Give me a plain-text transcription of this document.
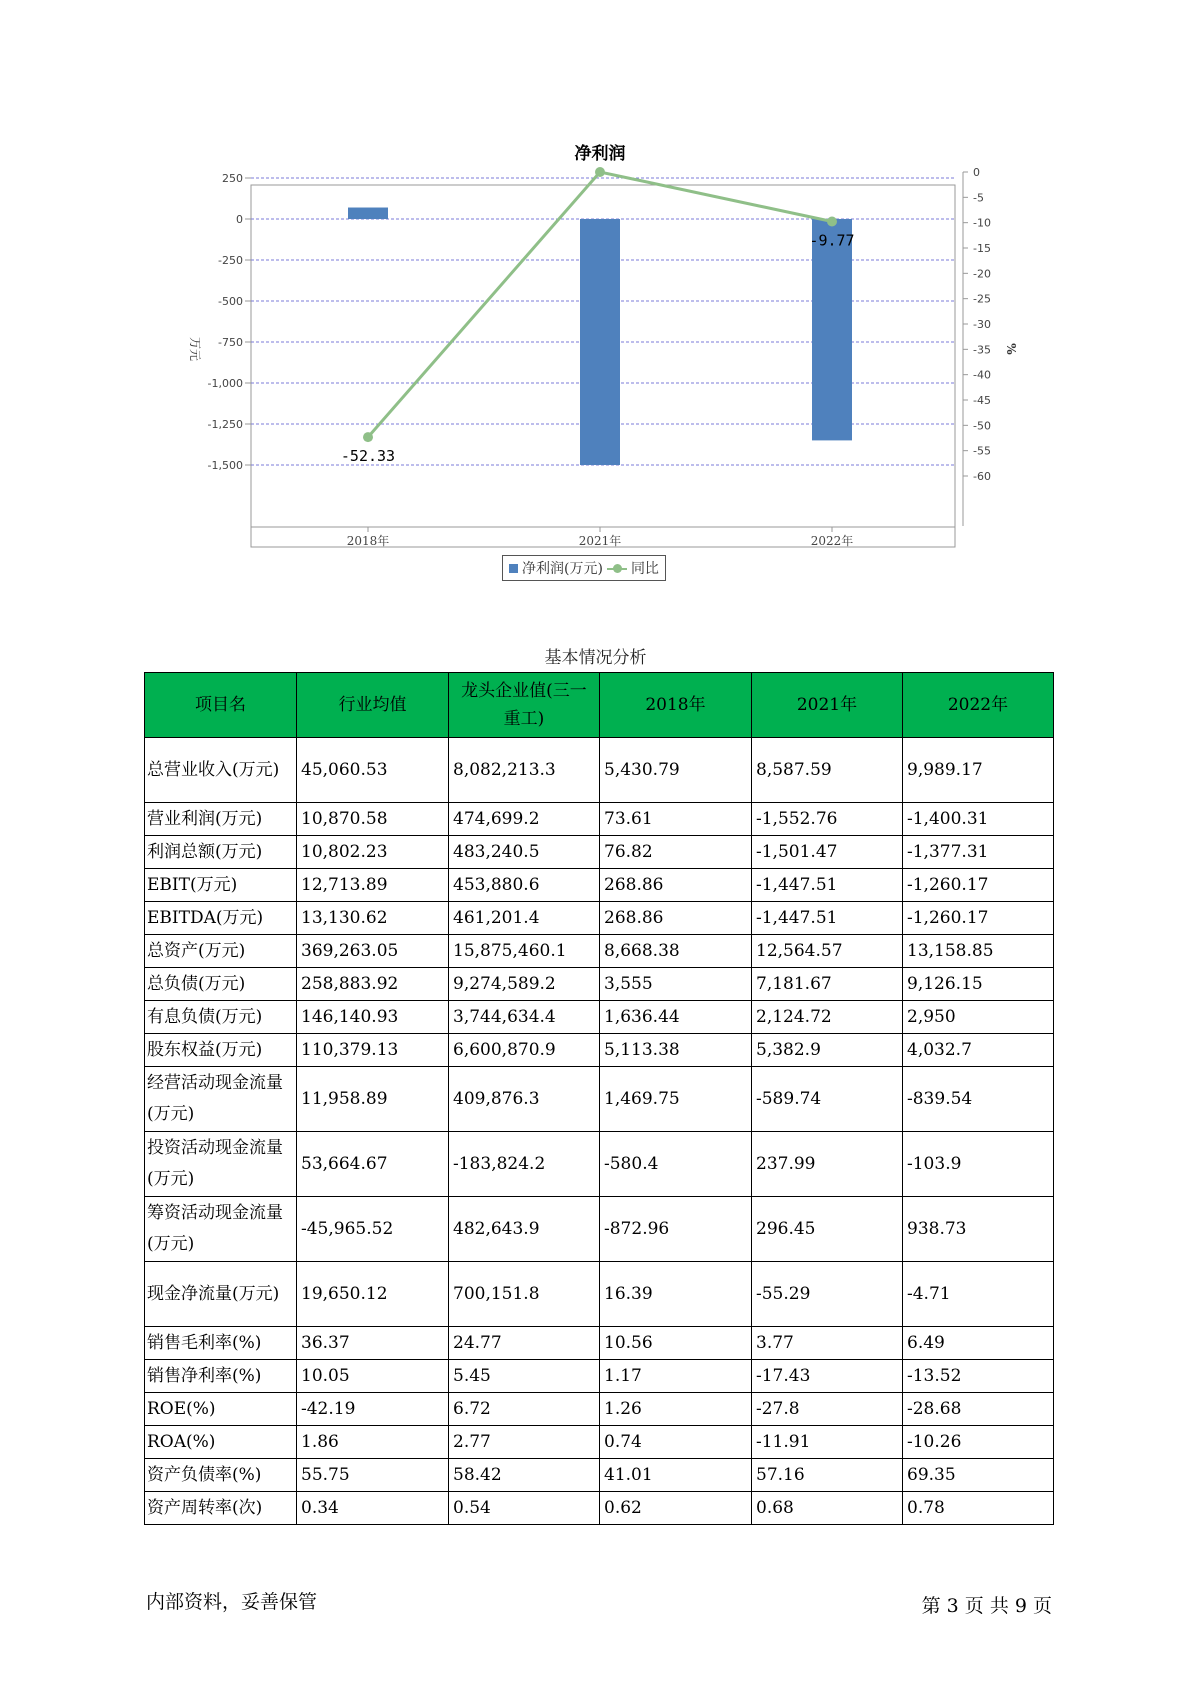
净利润
250
0
-250
-500
-750
-1,000
-1,250
-1,500
0
-5
-10
-15
-20
-25
-30
-35
-40
-45
-50
-55
-60
-52.33
-9.77
2018年	2021年	2022年
万元	%
净利润(万元) 同比
基本情况分析
项目名	行业均值	龙头企业值(三一重工)	2018年	2021年	2022年
总营业收入(万元)	45,060.53	8,082,213.3	5,430.79	8,587.59	9,989.17
营业利润(万元)	10,870.58	474,699.2	73.61	-1,552.76	-1,400.31
利润总额(万元)	10,802.23	483,240.5	76.82	-1,501.47	-1,377.31
EBIT(万元)	12,713.89	453,880.6	268.86	-1,447.51	-1,260.17
EBITDA(万元)	13,130.62	461,201.4	268.86	-1,447.51	-1,260.17
总资产(万元)	369,263.05	15,875,460.1	8,668.38	12,564.57	13,158.85
总负债(万元)	258,883.92	9,274,589.2	3,555	7,181.67	9,126.15
有息负债(万元)	146,140.93	3,744,634.4	1,636.44	2,124.72	2,950
股东权益(万元)	110,379.13	6,600,870.9	5,113.38	5,382.9	4,032.7
经营活动现金流量(万元)	11,958.89	409,876.3	1,469.75	-589.74	-839.54
投资活动现金流量(万元)	53,664.67	-183,824.2	-580.4	237.99	-103.9
筹资活动现金流量(万元)	-45,965.52	482,643.9	-872.96	296.45	938.73
现金净流量(万元)	19,650.12	700,151.8	16.39	-55.29	-4.71
销售毛利率(%)	36.37	24.77	10.56	3.77	6.49
销售净利率(%)	10.05	5.45	1.17	-17.43	-13.52
ROE(%)	-42.19	6.72	1.26	-27.8	-28.68
ROA(%)	1.86	2.77	0.74	-11.91	-10.26
资产负债率(%)	55.75	58.42	41.01	57.16	69.35
资产周转率(次)	0.34	0.54	0.62	0.68	0.78
内部资料，妥善保管	第 3 页 共 9 页
